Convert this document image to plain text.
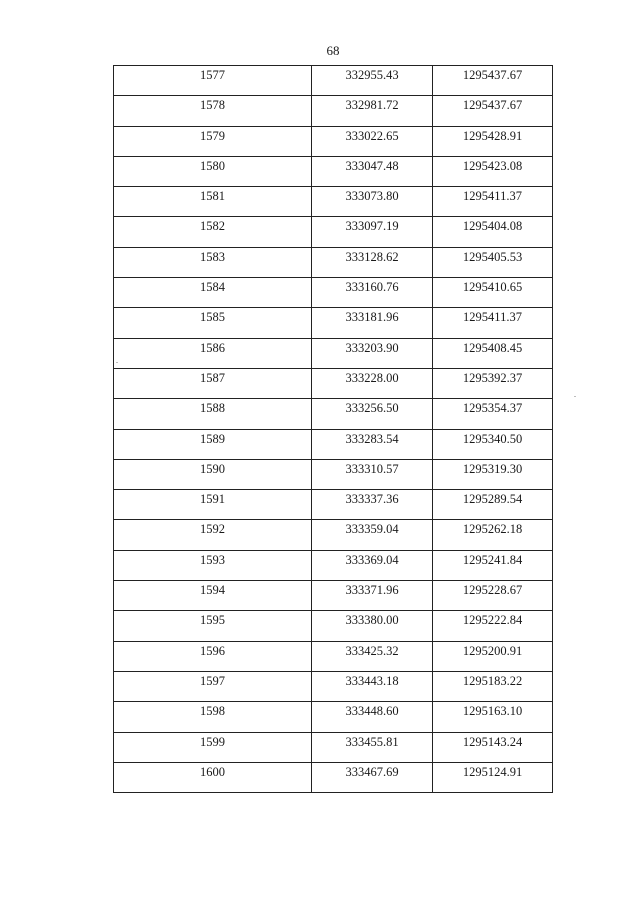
68
1577	332955.43	1295437.67

1578	332981.72	1295437.67

1579	333022.65	1295428.91

1580	333047.48	1295423.08

1581	333073.80	1295411.37

1582	333097.19	1295404.08

1583	333128.62	1295405.53

1584	333160.76	1295410.65

1585	333181.96	1295411.37

1586	333203.90	1295408.45

1587	333228.00	1295392.37

1588	333256.50	1295354.37

1589	333283.54	1295340.50

1590	333310.57	1295319.30

1591	333337.36	1295289.54

1592	333359.04	1295262.18

1593	333369.04	1295241.84

1594	333371.96	1295228.67

1595	333380.00	1295222.84

1596	333425.32	1295200.91

1597	333443.18	1295183.22

1598	333448.60	1295163.10

1599	333455.81	1295143.24

1600	333467.69	1295124.91
